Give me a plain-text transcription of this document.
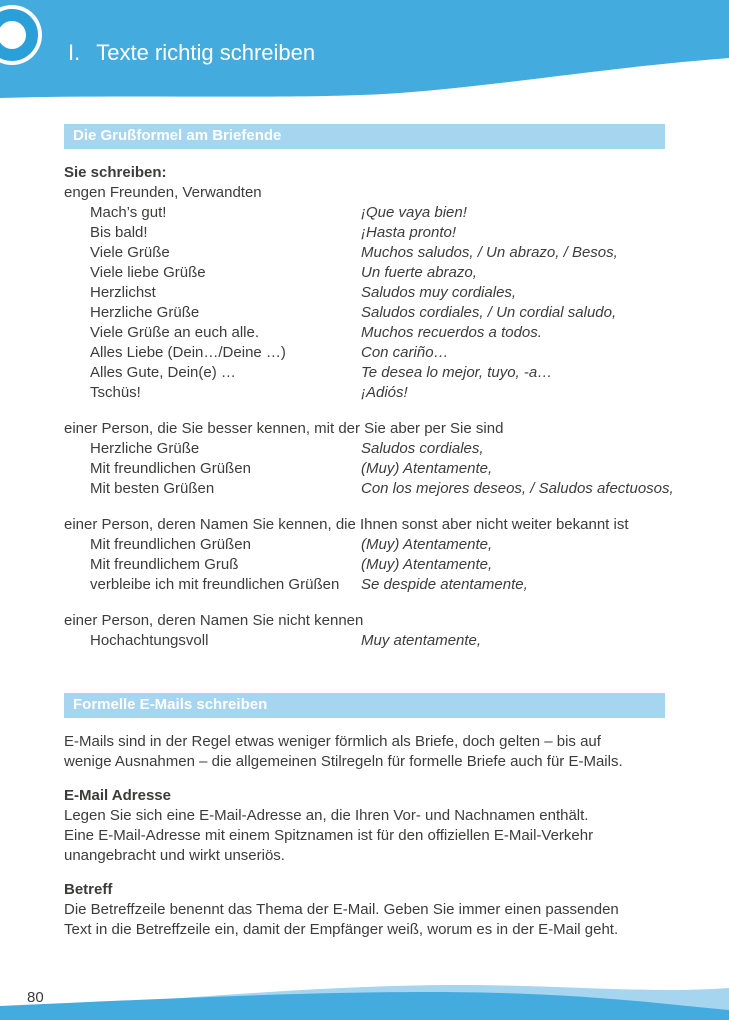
I. Texte richtig schreiben
Die Grußformel am Briefende
Sie schreiben:
engen Freunden, Verwandten
Mach’s gut!	¡Que vaya bien!
Bis bald!	¡Hasta pronto!
Viele Grüße	Muchos saludos, / Un abrazo, / Besos,
Viele liebe Grüße	Un fuerte abrazo,
Herzlichst	Saludos muy cordiales,
Herzliche Grüße	Saludos cordiales, / Un cordial saludo,
Viele Grüße an euch alle.	Muchos recuerdos a todos.
Alles Liebe (Dein…/Deine …)	Con cariño…
Alles Gute, Dein(e) …	Te desea lo mejor, tuyo, -a…
Tschüs!	¡Adiós!
einer Person, die Sie besser kennen, mit der Sie aber per Sie sind
Herzliche Grüße	Saludos cordiales,
Mit freundlichen Grüßen	(Muy) Atentamente,
Mit besten Grüßen	Con los mejores deseos, / Saludos afectuosos,
einer Person, deren Namen Sie kennen, die Ihnen sonst aber nicht weiter bekannt ist
Mit freundlichen Grüßen	(Muy) Atentamente,
Mit freundlichem Gruß	(Muy) Atentamente,
verbleibe ich mit freundlichen Grüßen	Se despide atentamente,
einer Person, deren Namen Sie nicht kennen
Hochachtungsvoll	Muy atentamente,
Formelle E-Mails schreiben
E-Mails sind in der Regel etwas weniger förmlich als Briefe, doch gelten – bis auf
wenige Ausnahmen – die allgemeinen Stilregeln für formelle Briefe auch für E-Mails.
E-Mail Adresse
Legen Sie sich eine E-Mail-Adresse an, die Ihren Vor- und Nachnamen enthält.
Eine E-Mail-Adresse mit einem Spitznamen ist für den offiziellen E-Mail-Verkehr
unangebracht und wirkt unseriös.
Betreff
Die Betreffzeile benennt das Thema der E-Mail. Geben Sie immer einen passenden
Text in die Betreffzeile ein, damit der Empfänger weiß, worum es in der E-Mail geht.
80
